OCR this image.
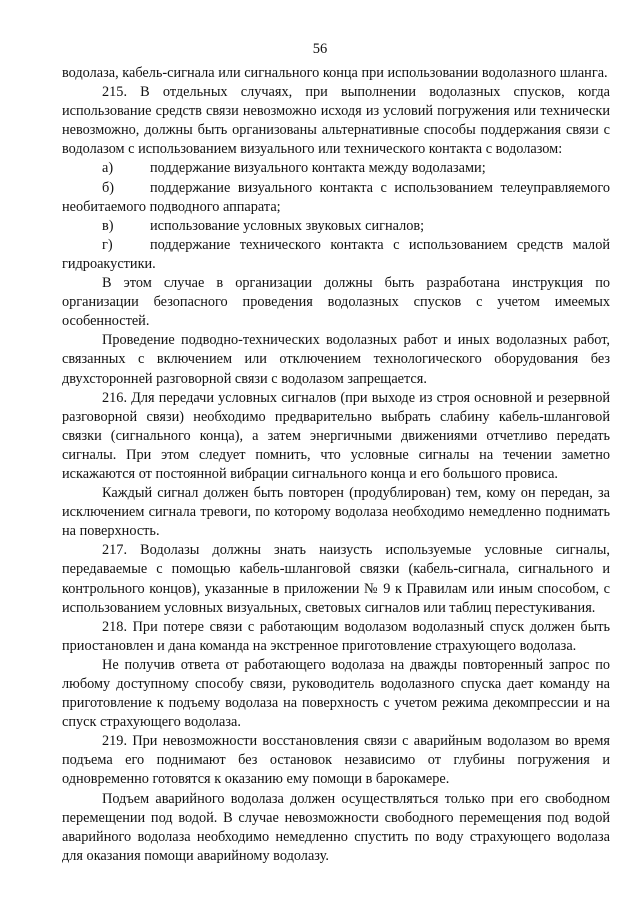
56

водолаза, кабель-сигнала или сигнального конца при использовании водолазного шланга.

215. В отдельных случаях, при выполнении водолазных спусков, когда использование средств связи невозможно исходя из условий погружения или технически невозможно, должны быть организованы альтернативные способы поддержания связи с водолазом с использованием визуального или технического контакта с водолазом:

а)	поддержание визуального контакта между водолазами;
б)	поддержание визуального контакта с использованием телеуправляемого необитаемого подводного аппарата;
в)	использование условных звуковых сигналов;
г)	поддержание технического контакта с использованием средств малой гидроакустики.

В этом случае в организации должны быть разработана инструкция по организации безопасного проведения водолазных спусков с учетом имеемых особенностей.

Проведение подводно-технических водолазных работ и иных водолазных работ, связанных с включением или отключением технологического оборудования без двухсторонней разговорной связи с водолазом запрещается.

216. Для передачи условных сигналов (при выходе из строя основной и резервной разговорной связи) необходимо предварительно выбрать слабину кабель-шланговой связки (сигнального конца), а затем энергичными движениями отчетливо передать сигналы. При этом следует помнить, что условные сигналы на течении заметно искажаются от постоянной вибрации сигнального конца и его большого провиса.

Каждый сигнал должен быть повторен (продублирован) тем, кому он передан, за исключением сигнала тревоги, по которому водолаза необходимо немедленно поднимать на поверхность.

217. Водолазы должны знать наизусть используемые условные сигналы, передаваемые с помощью кабель-шланговой связки (кабель-сигнала, сигнального и контрольного концов), указанные в приложении № 9 к Правилам или иным способом, с использованием условных визуальных, световых сигналов или таблиц перестукивания.

218. При потере связи с работающим водолазом водолазный спуск должен быть приостановлен и дана команда на экстренное приготовление страхующего водолаза.

Не получив ответа от работающего водолаза на дважды повторенный запрос по любому доступному способу связи, руководитель водолазного спуска дает команду на приготовление к подъему водолаза на поверхность с учетом режима декомпрессии и на спуск страхующего водолаза.

219. При невозможности восстановления связи с аварийным водолазом во время подъема его поднимают без остановок независимо от глубины погружения и одновременно готовятся к оказанию ему помощи в барокамере.

Подъем аварийного водолаза должен осуществляться только при его свободном перемещении под водой. В случае невозможности свободного перемещения под водой аварийного водолаза необходимо немедленно спустить по воду страхующего водолаза для оказания помощи аварийному водолазу.
